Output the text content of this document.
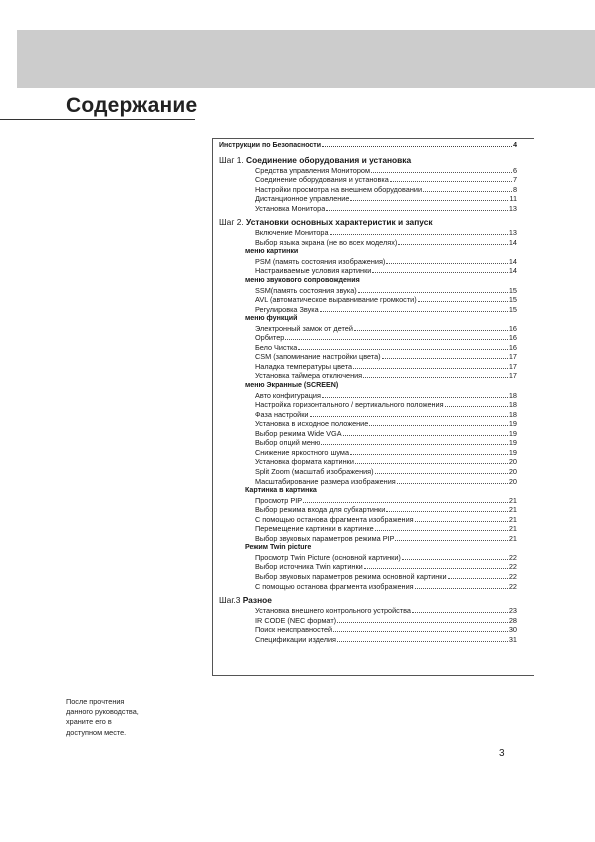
Содержание
Инструкции по Безопасности	4
Шаг 1. Соединение оборудования и установка
Средства управления Монитором	6
Соединение оборудования и установка	7
Настройки просмотра на внешнем оборудовании	8
Дистанционное управление	11
Установка Монитора	13
Шаг 2. Установки основных характеристик и запуск
Включение Монитора	13
Выбор языка экрана (не во всех моделях)	14
меню картинки
PSM (память состояния изображения)	14
Настраиваемые условия картинки	14
меню звукового сопровождения
SSM(память состояния звука)	15
AVL (автоматическое выравнивание громкости)	15
Регулировка Звука	15
меню функций
Электронный замок от детей	16
Орбитер	16
Бело Чистка	16
CSM (запоминание настройки цвета)	17
Наладка температуры цвета	17
Установка таймера отключения	17
меню Экранные (SCREEN)
Авто конфигурация	18
Настройка горизонтального / вертикального положения	18
Фаза настройки	18
Установка в исходное положение	19
Выбор режима Wide VGA	19
Выбор опций меню	19
Снижение яркостного шума	19
Установка формата картинки	20
Split Zoom (масштаб изображения)	20
Масштабирование размера изображения	20
Картинка в картинка
Просмотр PIP	21
Выбор режима входа для субкартинки	21
С помощью останова фрагмента изображения	21
Перемещение картинки в картинке	21
Выбор звуковых параметров режима PIP	21
Режим Twin picture
Просмотр Twin Picture (основной картинки)	22
Выбор источника Twin картинки	22
Выбор звуковых параметров режима основной картинки	22
С помощью останова фрагмента изображения	22
Шаг.3 Разное
Установка внешнего контрольного устройства	23
IR CODE (NEC формат)	28
Поиск неисправностей	30
Спецификации изделия	31
После прочтения
данного руководства,
храните его в
доступном месте.
3
